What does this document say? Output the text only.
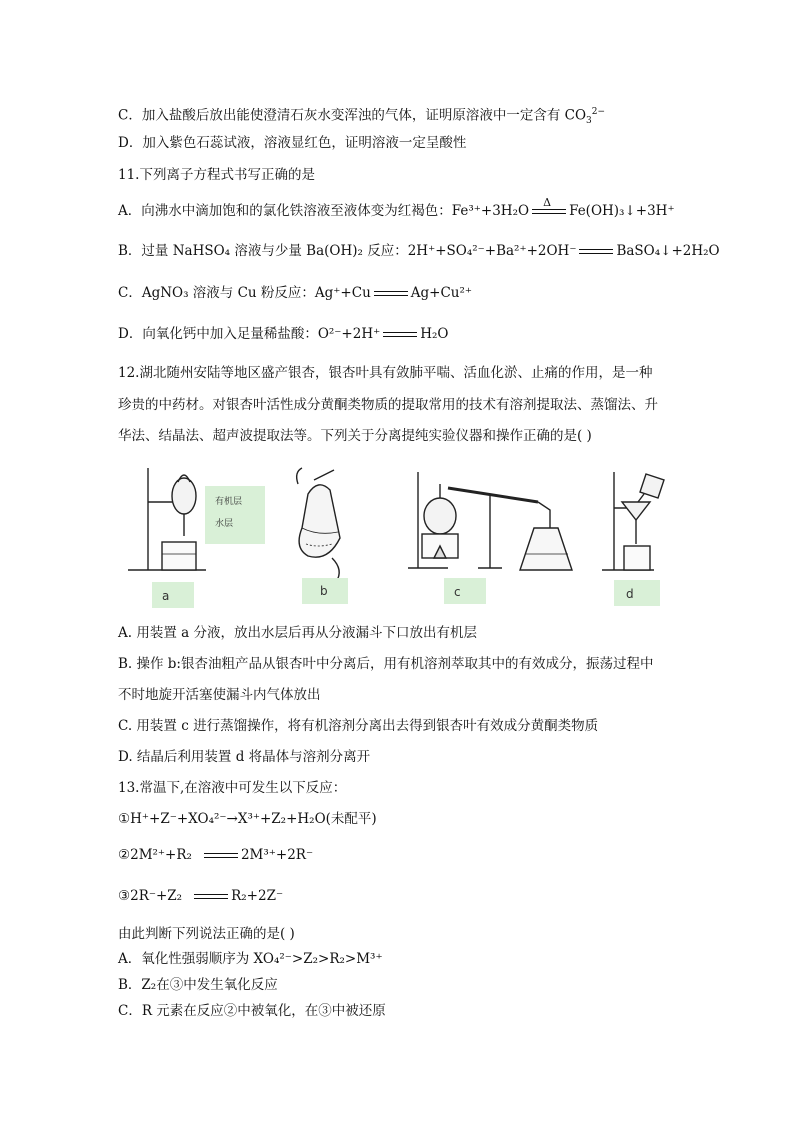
C．加入盐酸后放出能使澄清石灰水变浑浊的气体，证明原溶液中一定含有 $CO_3^{2-}$
D．加入紫色石蕊试液，溶液显红色，证明溶液一定呈酸性
11.下列离子方程式书写正确的是
A．向沸水中滴加饱和的氯化铁溶液至液体变为红褐色：Fe³⁺+3H₂O
Δ
Fe(OH)₃↓+3H⁺
B．过量 NaHSO₄ 溶液与少量 Ba(OH)₂ 反应：2H⁺+SO₄²⁻+Ba²⁺+2OH⁻	BaSO₄↓+2H₂O
C．AgNO₃ 溶液与 Cu 粉反应：Ag⁺+Cu	Ag+Cu²⁺
D．向氧化钙中加入足量稀盐酸：O²⁻+2H⁺	H₂O
12.湖北随州安陆等地区盛产银杏，银杏叶具有敛肺平喘、活血化淤、止痛的作用，是一种
珍贵的中药材。对银杏叶活性成分黄酮类物质的提取常用的技术有溶剂提取法、蒸馏法、升
华法、结晶法、超声波提取法等。下列关于分离提纯实验仪器和操作正确的是( )
有机层
水层
a	b	c	d
A. 用装置 a 分液，放出水层后再从分液漏斗下口放出有机层
B. 操作 b:银杏油粗产品从银杏叶中分离后，用有机溶剂萃取其中的有效成分，振荡过程中
不时地旋开活塞使漏斗内气体放出
C. 用装置 c 进行蒸馏操作，将有机溶剂分离出去得到银杏叶有效成分黄酮类物质
D. 结晶后利用装置 d 将晶体与溶剂分离开
13.常温下,在溶液中可发生以下反应：
①H⁺+Z⁻+XO₄²⁻→X³⁺+Z₂+H₂O(未配平)
②2M²⁺+R₂	2M³⁺+2R⁻
③2R⁻+Z₂	R₂+2Z⁻
由此判断下列说法正确的是( )
A．氧化性强弱顺序为 XO₄²⁻>Z₂>R₂>M³⁺
B．Z₂在③中发生氧化反应
C．R 元素在反应②中被氧化，在③中被还原
